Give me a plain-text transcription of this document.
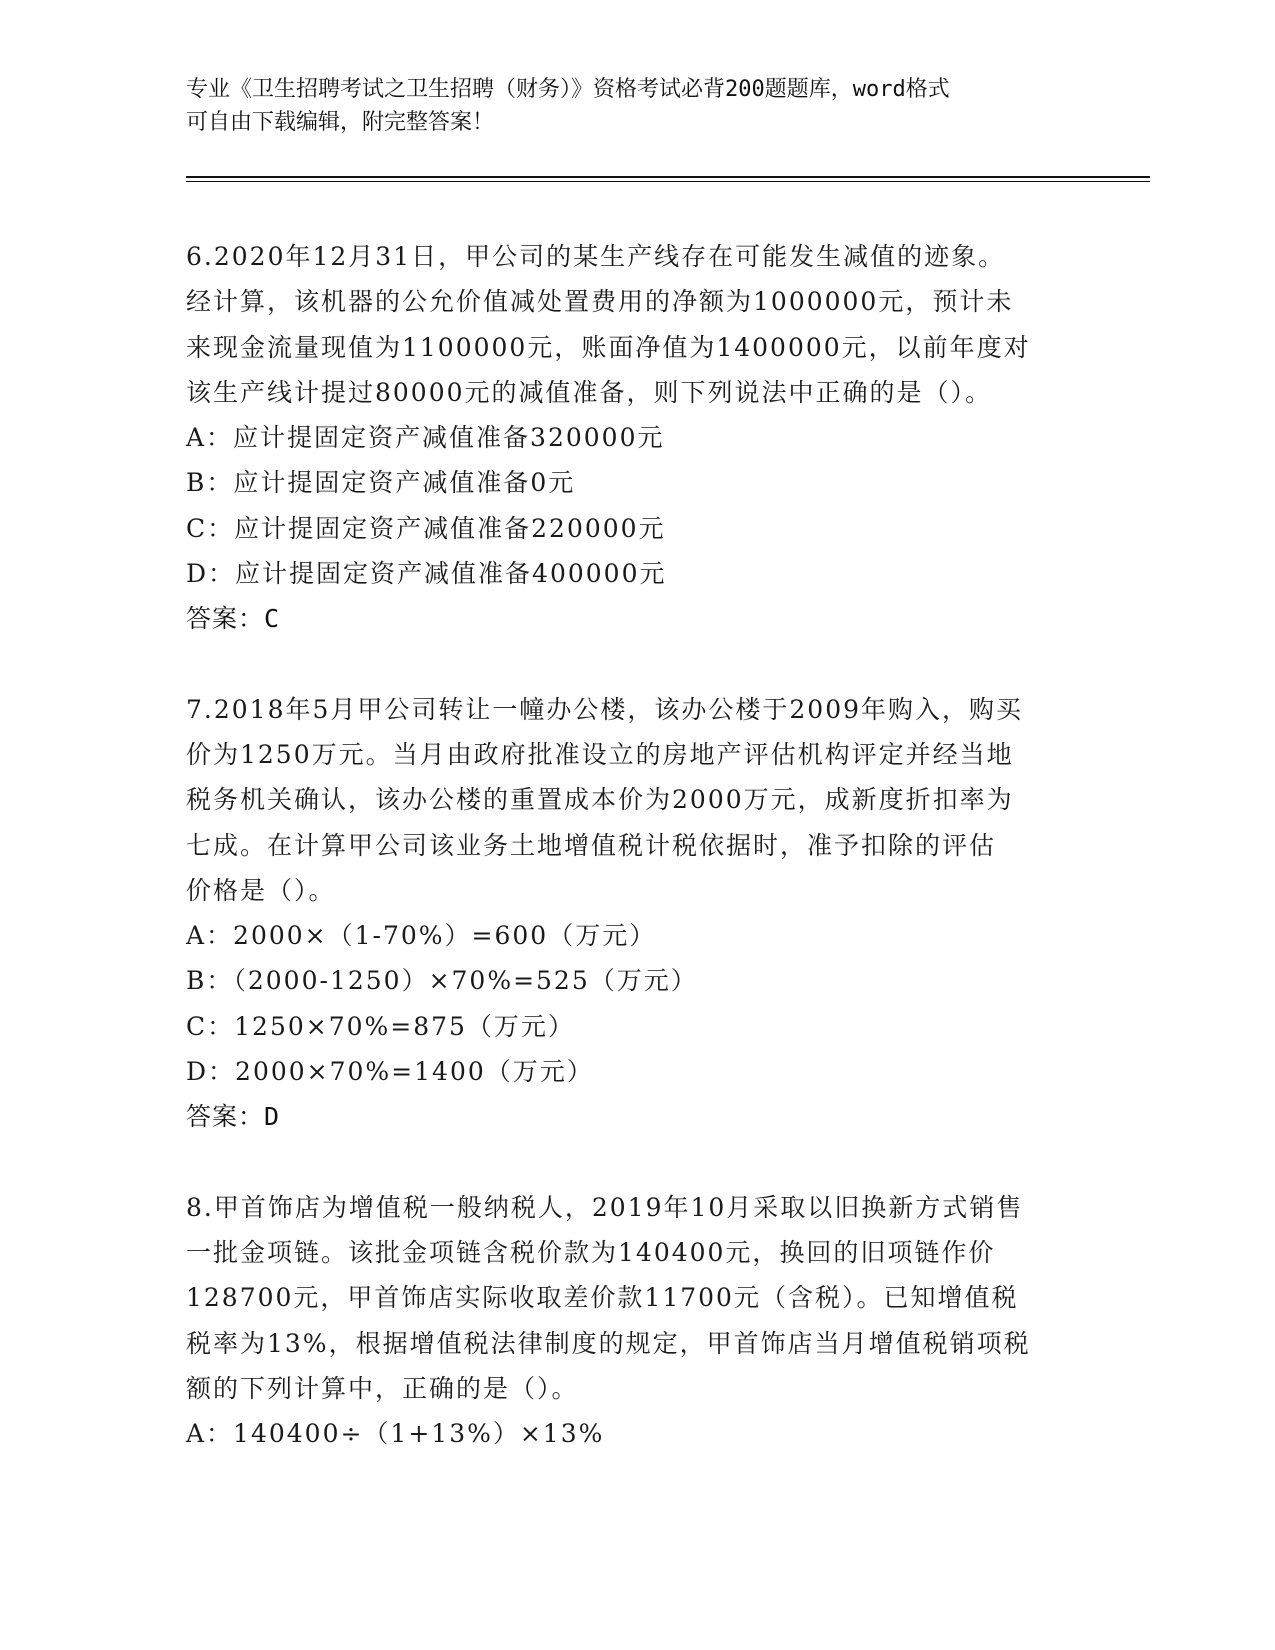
专业《卫生招聘考试之卫生招聘（财务）》资格考试必背200题题库，word格式
可自由下载编辑，附完整答案！

6.2020年12月31日，甲公司的某生产线存在可能发生减值的迹象。

经计算，该机器的公允价值减处置费用的净额为1000000元，预计未

来现金流量现值为1100000元，账面净值为1400000元，以前年度对

该生产线计提过80000元的减值准备，则下列说法中正确的是（）。

A：应计提固定资产减值准备320000元

B：应计提固定资产减值准备0元

C：应计提固定资产减值准备220000元

D：应计提固定资产减值准备400000元

答案：C

7.2018年5月甲公司转让一幢办公楼，该办公楼于2009年购入，购买

价为1250万元。当月由政府批准设立的房地产评估机构评定并经当地

税务机关确认，该办公楼的重置成本价为2000万元，成新度折扣率为

七成。在计算甲公司该业务土地增值税计税依据时，准予扣除的评估

价格是（）。

A：2000×（1-70%）=600（万元）

B：（2000-1250）×70%=525（万元）

C：1250×70%=875（万元）

D：2000×70%=1400（万元）

答案：D

8.甲首饰店为增值税一般纳税人，2019年10月采取以旧换新方式销售

一批金项链。该批金项链含税价款为140400元，换回的旧项链作价

128700元，甲首饰店实际收取差价款11700元（含税）。已知增值税

税率为13%，根据增值税法律制度的规定，甲首饰店当月增值税销项税

额的下列计算中，正确的是（）。

A：140400÷（1+13%）×13%
